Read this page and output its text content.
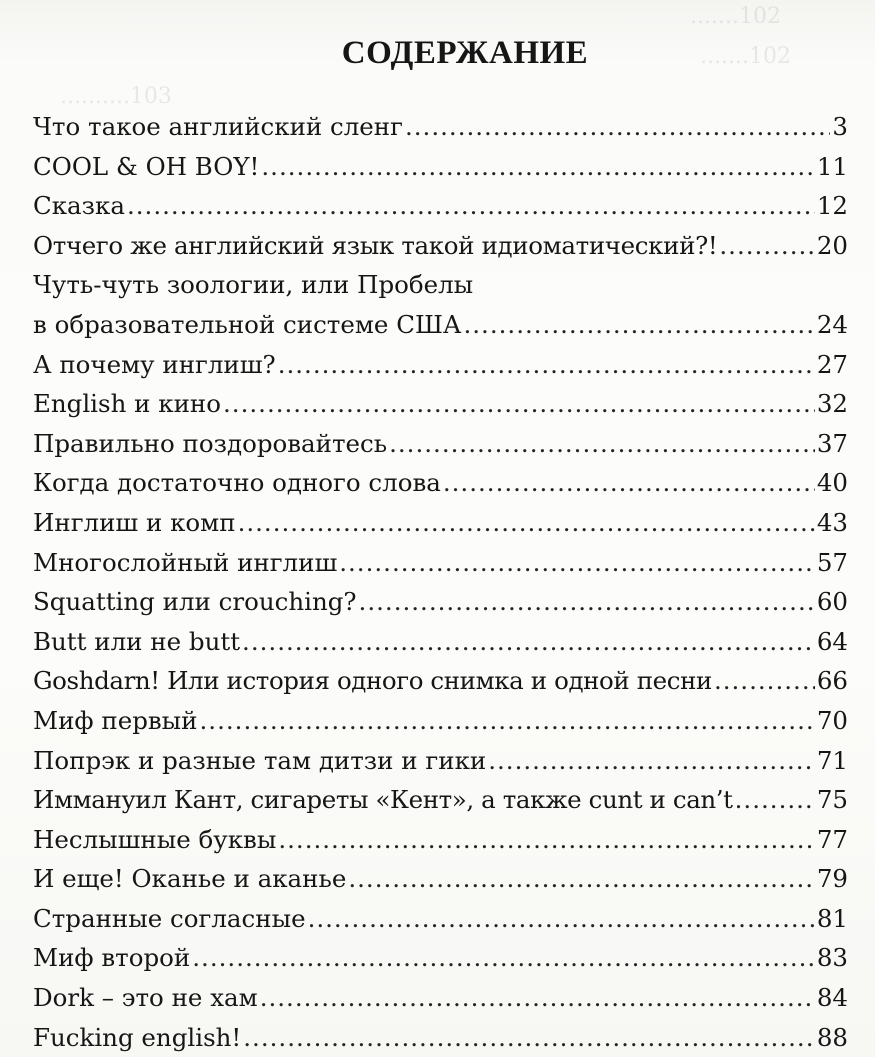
.......102
.......102
..........103
СОДЕРЖАНИЕ
Что такое английский сленг .....	3
COOL & OH BOY! .....	11
Сказка .....	12
Отчего же английский язык такой идиоматический?! .....	20
Чуть-чуть зоологии, или Пробелы
в образовательной системе США .....	24
А почему инглиш? .....	27
English и кино .....	32
Правильно поздоровайтесь .....	37
Когда достаточно одного слова .....	40
Инглиш и комп .....	43
Многослойный инглиш .....	57
Squatting или crouching? .....	60
Butt или не butt .....	64
Goshdarn! Или история одного снимка и одной песни .....	66
Миф первый .....	70
Попрэк и разные там дитзи и гики .....	71
Иммануил Кант, сигареты «Кент», а также cunt и can’t .....	75
Неслышные буквы .....	77
И еще! Оканье и аканье .....	79
Странные согласные .....	81
Миф второй .....	83
Dork – это не хам .....	84
Fucking english! .....	88
